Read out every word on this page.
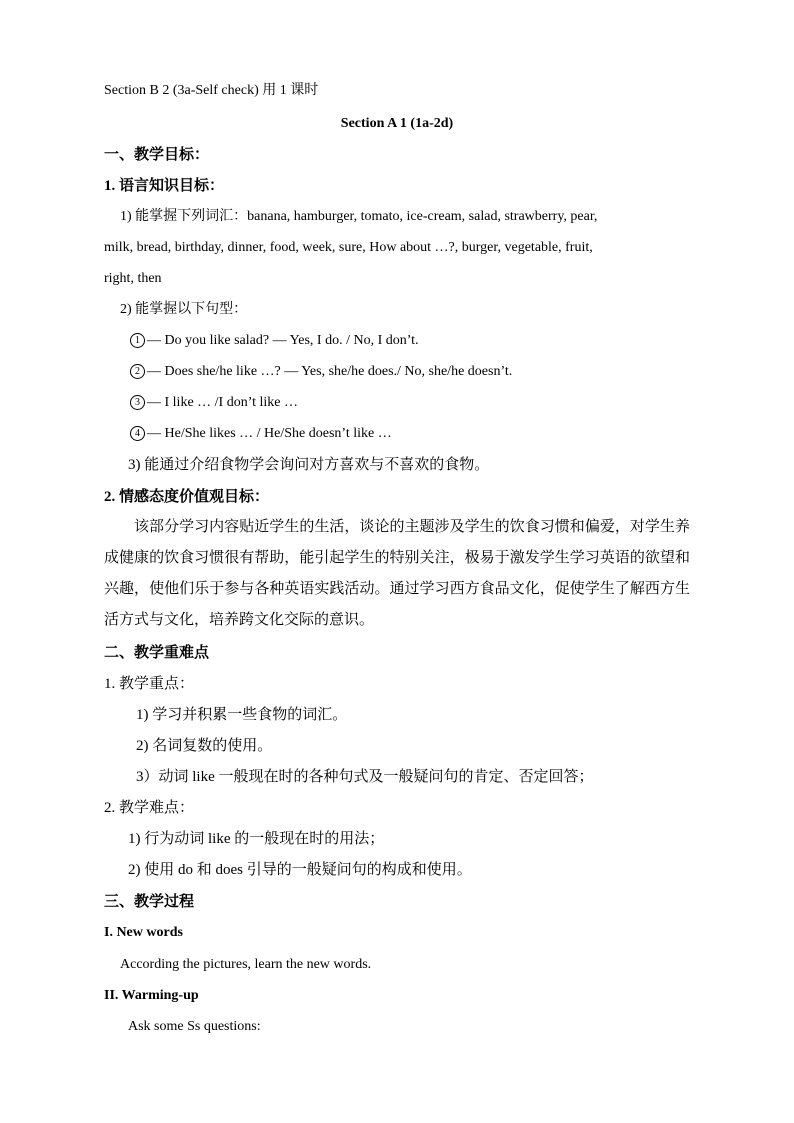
Section B 2 (3a-Self check) 用 1 课时
Section A 1 (1a-2d)
一、教学目标：
1. 语言知识目标：
1) 能掌握下列词汇：banana, hamburger, tomato, ice-cream, salad, strawberry, pear,
milk, bread, birthday, dinner, food, week, sure, How about …?, burger, vegetable, fruit,
right, then
2) 能掌握以下句型：
1 — Do you like salad? — Yes, I do. / No, I don’t.
2 — Does she/he like …? — Yes, she/he does./ No, she/he doesn’t.
3 — I like … /I don’t like …
4 — He/She likes … / He/She doesn’t like …
3) 能通过介绍食物学会询问对方喜欢与不喜欢的食物。
2. 情感态度价值观目标：
该部分学习内容贴近学生的生活，谈论的主题涉及学生的饮食习惯和偏爱，对学生养成健康的饮食习惯很有帮助，能引起学生的特别关注，极易于激发学生学习英语的欲望和兴趣，使他们乐于参与各种英语实践活动。通过学习西方食品文化，促使学生了解西方生活方式与文化，培养跨文化交际的意识。
二、教学重难点
1. 教学重点：
1) 学习并积累一些食物的词汇。
2) 名词复数的使用。
3）动词 like 一般现在时的各种句式及一般疑问句的肯定、否定回答；
2. 教学难点：
1) 行为动词 like 的一般现在时的用法；
2) 使用 do 和 does 引导的一般疑问句的构成和使用。
三、教学过程
I. New words
According the pictures, learn the new words.
II. Warming-up
Ask some Ss questions:
